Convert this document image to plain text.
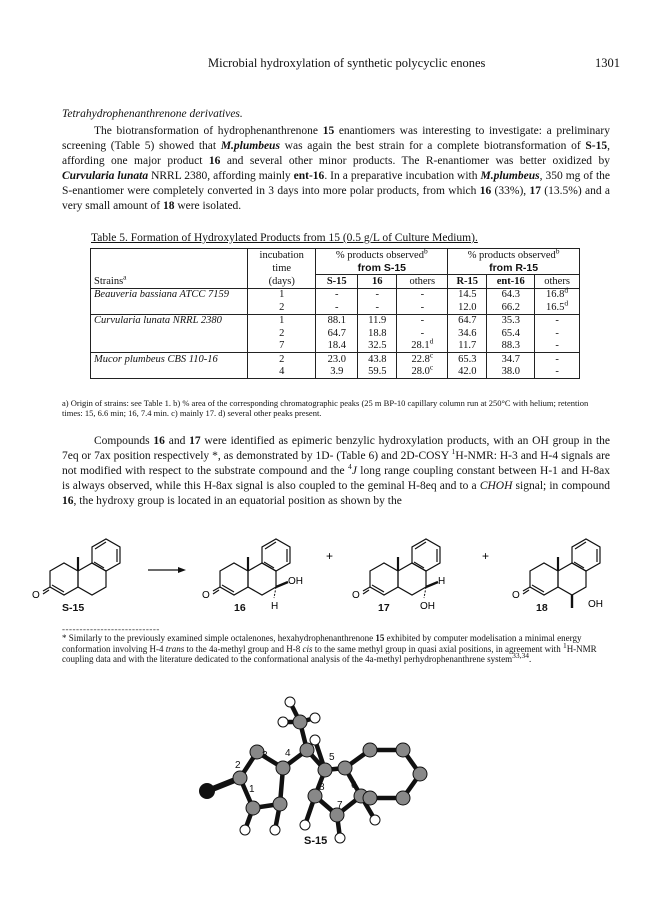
Microbial hydroxylation of synthetic polycyclic enones	1301
Tetrahydrophenanthrenone derivatives.

The biotransformation of hydrophenanthrenone 15 enantiomers was interesting to investigate: a preliminary screening (Table 5) showed that M.plumbeus was again the best strain for a complete biotransformation of S-15, affording one major product 16 and several other minor products. The R-enantiomer was better oxidized by Curvularia lunata NRRL 2380, affording mainly ent-16. In a preparative incubation with M.plumbeus, 350 mg of the S-enantiomer were completely converted in 3 days into more polar products, from which 16 (33%), 17 (13.5%) and a very small amount of 18 were isolated.

Table 5. Formation of Hydroxylated Products from 15 (0.5 g/L of Culture Medium).
	incubation	% products observed$^b$			% products observed$^b$
	time	from S-15			from R-15		
Strains$^a$	(days)	S-15	16	others	R-15	ent-16	others
Beauveria bassiana ATCC 7159	1	-	-	-	14.5	64.3	16.8$^d$
	2	-	-	-	12.0	66.2	16.5$^d$
Curvularia lunata NRRL 2380	1	88.1	11.9	-	64.7	35.3	-
	2	64.7	18.8	-	34.6	65.4	-
	7	18.4	32.5	28.1$^d$	11.7	88.3	-
Mucor plumbeus CBS 110-16	2	23.0	43.8	22.8$^c$	65.3	34.7	-
	4	3.9	59.5	28.0$^c$	42.0	38.0	-
a) Origin of strains: see Table 1. b) % area of the corresponding chromatographic peaks (25 m BP-10 capillary column run at 250°C with helium; retention times: 15, 6.6 min; 16, 7.4 min. c) mainly 17. d) several other peaks present.

Compounds 16 and 17 were identified as epimeric benzylic hydroxylation products, with an OH group in the 7eq or 7ax position respectively *, as demonstrated by 1D- (Table 6) and 2D-COSY $^1$H-NMR: H-3 and H-4 signals are not modified with respect to the substrate compound and the $^4$J long range coupling constant between H-1 and H-8ax is always observed, while this H-8ax signal is also coupled to the geminal H-8eq and to a CHOH signal; in compound 16, the hydroxy group is located in an equatorial position as shown by the

O	O
OH
H
+
O
H
OH
+
O
OH
S-15	16	17	18
----------------------------
* Similarly to the previously examined simple octalenones, hexahydrophenanthrenone 15 exhibited by computer modelisation a minimal energy conformation involving H-4 trans to the 4a-methyl group and H-8 cis to the same methyl group in quasi axial positions, in agreement with $^1$H-NMR coupling data and with the literature dedicated to the conformational analysis of the 4a-methyl perhydrophenanthrene system$^{33,34}$.
1
2
3 4	5
6
7
8
S-15
